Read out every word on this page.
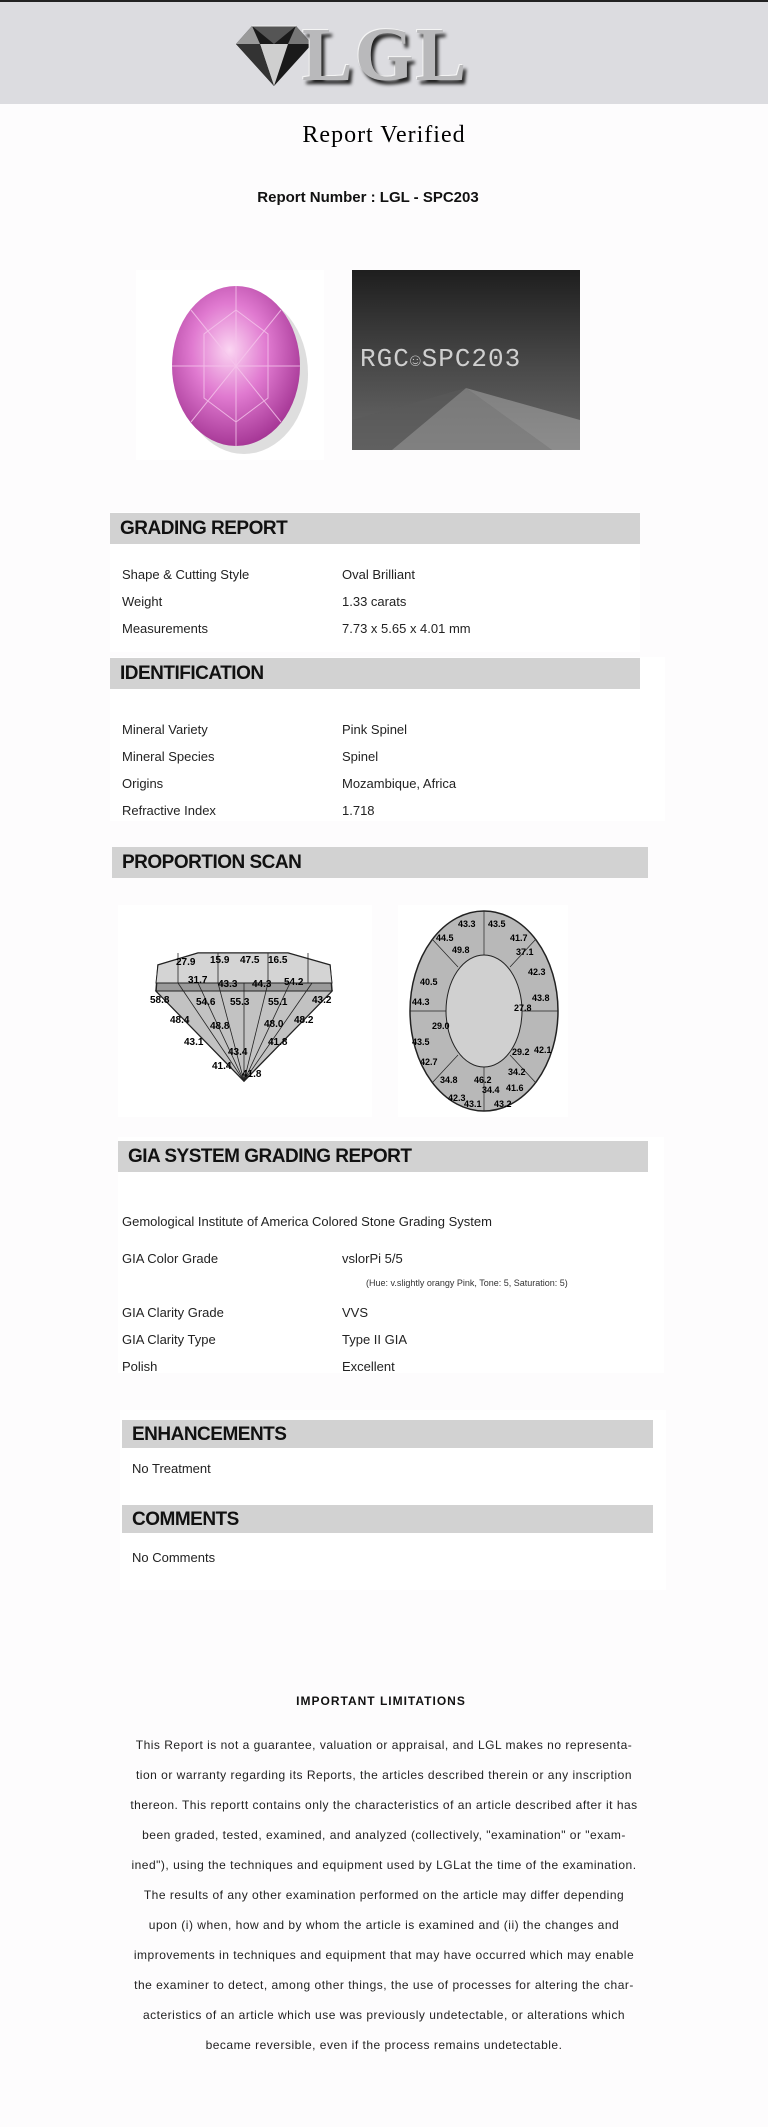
LGL
Report Verified
Report Number : LGL - SPC203
RGC☺SPC203
GRADING REPORT
Shape & Cutting Style	Oval Brilliant
Weight	1.33 carats
Measurements	7.73 x 5.65 x 4.01 mm
IDENTIFICATION
Mineral Variety	Pink Spinel
Mineral Species	Spinel
Origins	Mozambique, Africa
Refractive Index	1.718
PROPORTION SCAN
27.9 15.9 47.5 16.5
31.7 43.3 44.3 54.2
58.8	54.6 55.3 55.1 43.2
48.4
48.8	48.0 48.2
43.1
43.4
41.8
41.4
41.8
43.3 43.5
44.5	41.7
49.8	37.1
40.5
42.3
44.3	43.8
27.8
43.5
29.0
29.2 42.1
42.7
34.8 46.2
34.2
42.3
34.4 41.6
43.1 43.2
GIA SYSTEM GRADING REPORT
Gemological Institute of America Colored Stone Grading System
GIA Color Grade	vslorPi 5/5
(Hue: v.slightly orangy Pink, Tone: 5, Saturation: 5)
GIA Clarity Grade	VVS
GIA Clarity Type	Type II GIA
Polish	Excellent
ENHANCEMENTS
No Treatment
COMMENTS
No Comments
IMPORTANT LIMITATIONS
This Report is not a guarantee, valuation or appraisal, and LGL makes no representa-
tion or warranty regarding its Reports, the articles described therein or any inscription
thereon. This reportt contains only the characteristics of an article described after it has
been graded, tested, examined, and analyzed (collectively, "examination" or "exam-
ined"), using the techniques and equipment used by LGLat the time of the examination.
The results of any other examination performed on the article may differ depending
upon (i) when, how and by whom the article is examined and (ii) the changes and
improvements in techniques and equipment that may have occurred which may enable
the examiner to detect, among other things, the use of processes for altering the char-
acteristics of an article which use was previously undetectable, or alterations which
became reversible, even if the process remains undetectable.
